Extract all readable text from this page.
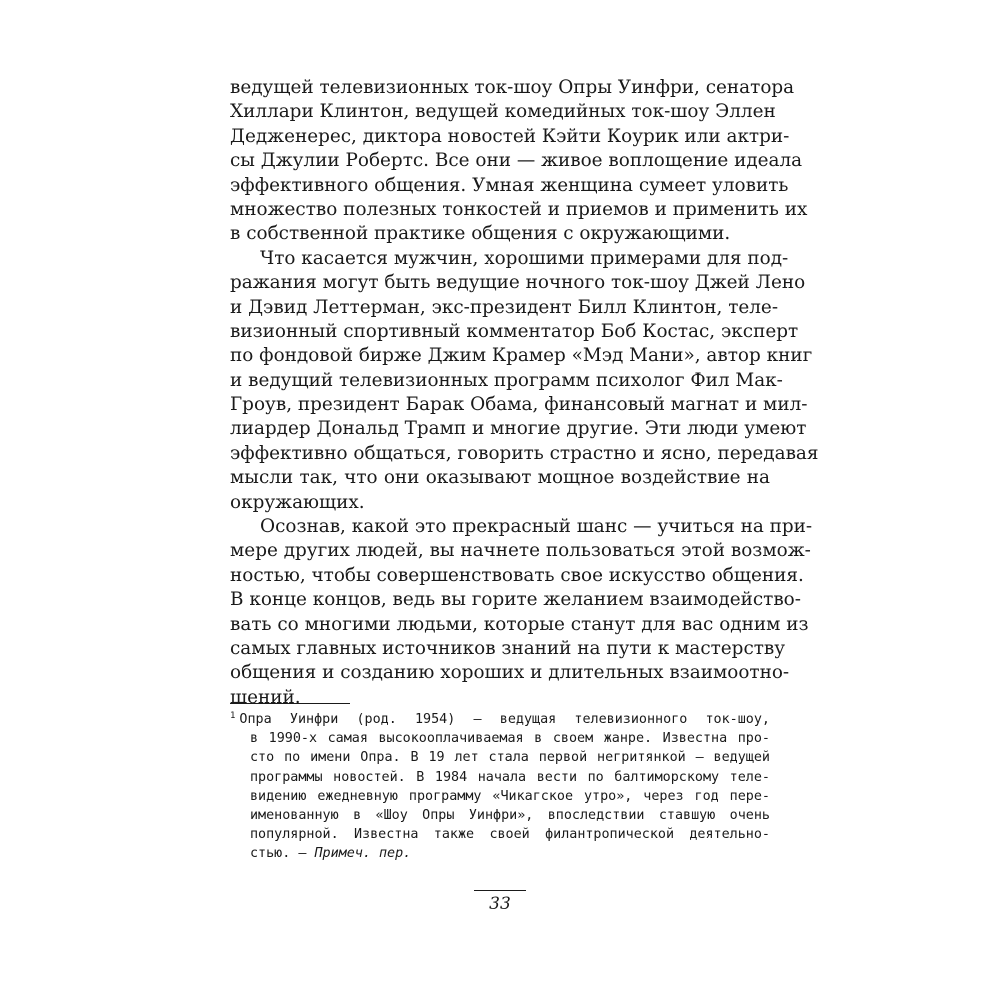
ведущей телевизионных ток-шоу Опры Уинфри, сенатора
Хиллари Клинтон, ведущей комедийных ток-шоу Эллен
Дедженерес, диктора новостей Кэйти Коурик или актри-
сы Джулии Робертс. Все они — живое воплощение идеала
эффективного общения. Умная женщина сумеет уловить
множество полезных тонкостей и приемов и применить их
в собственной практике общения с окружающими.
Что касается мужчин, хорошими примерами для под-
ражания могут быть ведущие ночного ток-шоу Джей Лено
и Дэвид Леттерман, экс-президент Билл Клинтон, теле-
визионный спортивный комментатор Боб Костас, эксперт
по фондовой бирже Джим Крамер «Мэд Мани», автор книг
и ведущий телевизионных программ психолог Фил Мак-
Гроув, президент Барак Обама, финансовый магнат и мил-
лиардер Дональд Трамп и многие другие. Эти люди умеют
эффективно общаться, говорить страстно и ясно, передавая
мысли так, что они оказывают мощное воздействие на
окружающих.
Осознав, какой это прекрасный шанс — учиться на при-
мере других людей, вы начнете пользоваться этой возмож-
ностью, чтобы совершенствовать свое искусство общения.
В конце концов, ведь вы горите желанием взаимодейство-
вать со многими людьми, которые станут для вас одним из
самых главных источников знаний на пути к мастерству
общения и созданию хороших и длительных взаимоотно-
шений.
$^1$ Опра Уинфри (род. 1954) — ведущая телевизионного ток-шоу,
в 1990-х самая высокооплачиваемая в своем жанре. Известна про-
сто по имени Опра. В 19 лет стала первой негритянкой — ведущей
программы новостей. В 1984 начала вести по балтиморскому теле-
видению ежедневную программу «Чикагское утро», через год пере-
именованную в «Шоу Опры Уинфри», впоследствии ставшую очень
популярной. Известна также своей филантропической деятельно-
стью. — Примеч. пер.
33
